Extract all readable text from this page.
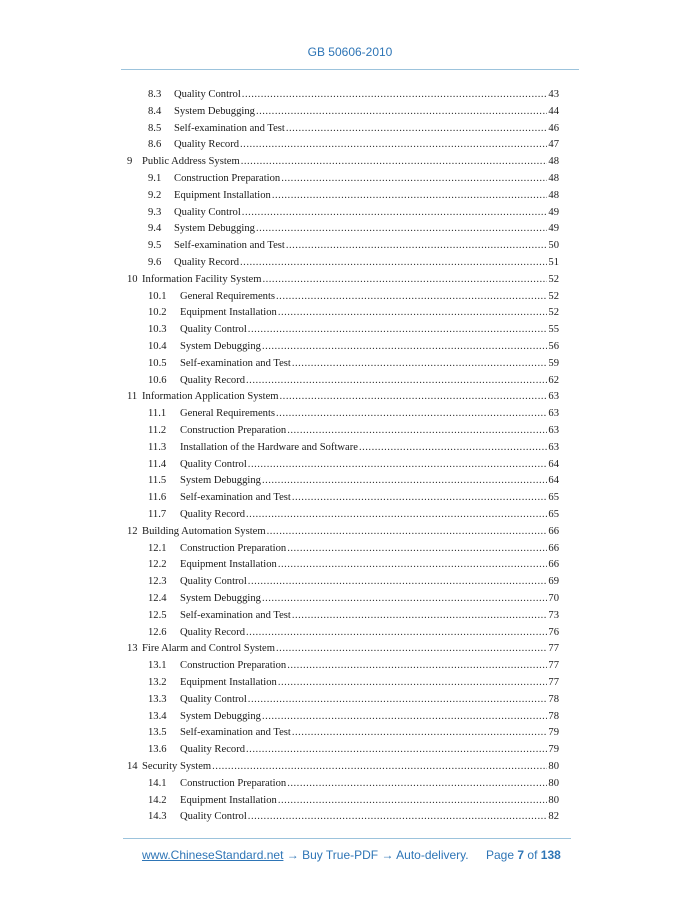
GB 50606-2010
8.3	Quality Control .....	43
8.4	System Debugging .....	44
8.5	Self-examination and Test .....	46
8.6	Quality Record .....	47
9 Public Address System .....	48
9.1	Construction Preparation .....	48
9.2	Equipment Installation .....	48
9.3	Quality Control .....	49
9.4	System Debugging .....	49
9.5	Self-examination and Test .....	50
9.6	Quality Record .....	51
10 Information Facility System .....	52
10.1	General Requirements .....	52
10.2	Equipment Installation .....	52
10.3	Quality Control .....	55
10.4	System Debugging .....	56
10.5	Self-examination and Test .....	59
10.6	Quality Record .....	62
11 Information Application System .....	63
11.1	General Requirements .....	63
11.2	Construction Preparation .....	63
11.3	Installation of the Hardware and Software .....	63
11.4	Quality Control .....	64
11.5	System Debugging .....	64
11.6	Self-examination and Test .....	65
11.7	Quality Record .....	65
12 Building Automation System .....	66
12.1	Construction Preparation .....	66
12.2	Equipment Installation .....	66
12.3	Quality Control .....	69
12.4	System Debugging .....	70
12.5	Self-examination and Test .....	73
12.6	Quality Record .....	76
13 Fire Alarm and Control System .....	77
13.1	Construction Preparation .....	77
13.2	Equipment Installation .....	77
13.3	Quality Control .....	78
13.4	System Debugging .....	78
13.5	Self-examination and Test .....	79
13.6	Quality Record .....	79
14 Security System .....	80
14.1	Construction Preparation .....	80
14.2	Equipment Installation .....	80
14.3	Quality Control .....	82
www.ChineseStandard.net → Buy True-PDF → Auto-delivery. Page 7 of 138
